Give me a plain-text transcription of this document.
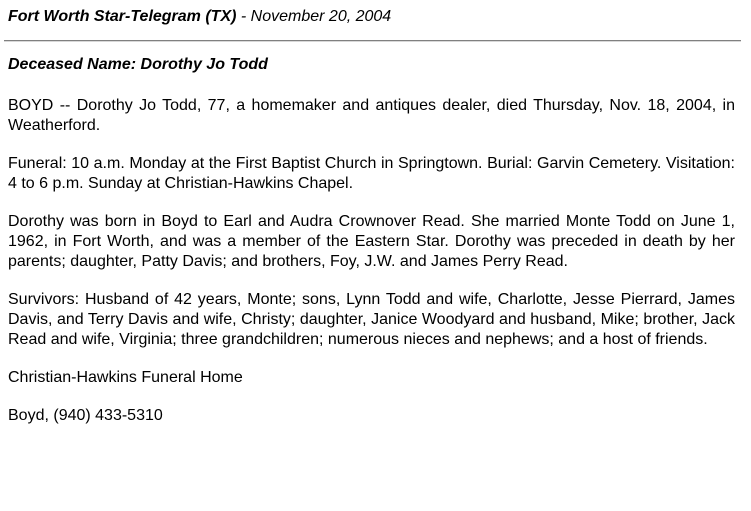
Fort Worth Star-Telegram (TX) - November 20, 2004
Deceased Name: Dorothy Jo Todd

BOYD -- Dorothy Jo Todd, 77, a homemaker and antiques dealer, died Thursday, Nov. 18, 2004, in Weatherford.

Funeral: 10 a.m. Monday at the First Baptist Church in Springtown. Burial: Garvin Cemetery. Visitation: 4 to 6 p.m. Sunday at Christian-Hawkins Chapel.

Dorothy was born in Boyd to Earl and Audra Crownover Read. She married Monte Todd on June 1, 1962, in Fort Worth, and was a member of the Eastern Star. Dorothy was preceded in death by her parents; daughter, Patty Davis; and brothers, Foy, J.W. and James Perry Read.

Survivors: Husband of 42 years, Monte; sons, Lynn Todd and wife, Charlotte, Jesse Pierrard, James Davis, and Terry Davis and wife, Christy; daughter, Janice Woodyard and husband, Mike; brother, Jack Read and wife, Virginia; three grandchildren; numerous nieces and nephews; and a host of friends.

Christian-Hawkins Funeral Home

Boyd, (940) 433-5310
